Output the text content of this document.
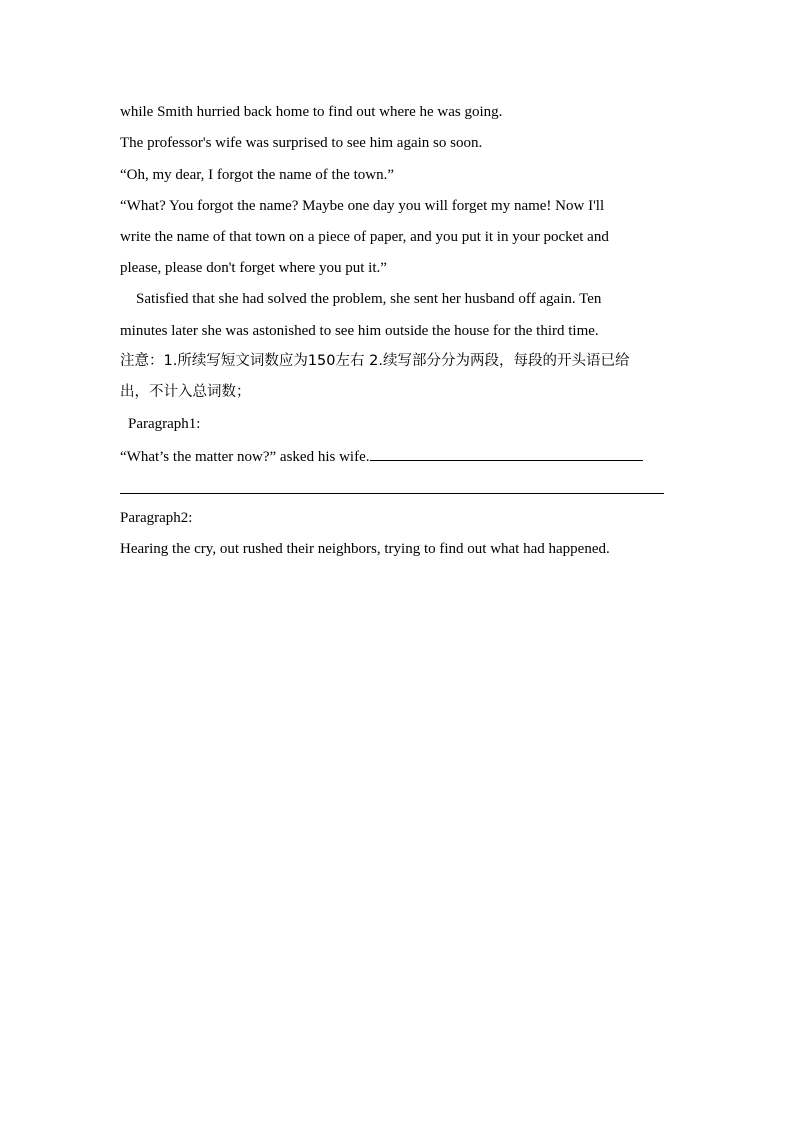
while Smith hurried back home to find out where he was going.
The professor's wife was surprised to see him again so soon.
“Oh, my dear, I forgot the name of the town.”
“What? You forgot the name? Maybe one day you will forget my name! Now I'll
write the name of that town on a piece of paper, and you put it in your pocket and
please, please don't forget where you put it.”
Satisfied that she had solved the problem, she sent her husband off again. Ten
minutes later she was astonished to see him outside the house for the third time.
注意：1.所续写短文词数应为150左右 2.续写部分分为两段，每段的开头语已给
出，不计入总词数；
Paragraph1:
“What’s the matter now?” asked his wife.
Paragraph2:
Hearing the cry, out rushed their neighbors, trying to find out what had happened.
